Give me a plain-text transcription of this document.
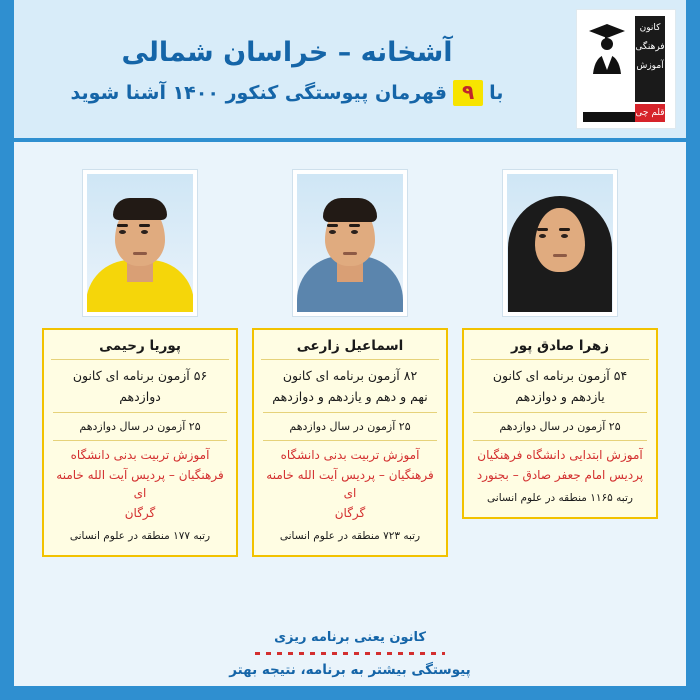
کانون
فرهنگی
آموزش
قلم چی
آشخانه – خراسان شمالی
با
۹
قهرمان پیوستگی کنکور ۱۴۰۰ آشنا شوید
زهرا صادق پور
۵۴ آزمون برنامه ای کانون
یازدهم و دوازدهم
۲۵ آزمون در سال دوازدهم
آموزش ابتدایی دانشگاه فرهنگیان
پردیس امام جعفر صادق – بجنورد
رتبه ۱۱۶۵ منطقه در علوم انسانی
اسماعیل زارعی
۸۲ آزمون برنامه ای کانون
نهم و دهم و یازدهم و دوازدهم
۲۵ آزمون در سال دوازدهم
آموزش تربیت بدنی دانشگاه
فرهنگیان – پردیس آیت الله خامنه ای
گرگان
رتبه ۷۲۳ منطقه در علوم انسانی
پوریا رحیمی
۵۶ آزمون برنامه ای کانون
دوازدهم
۲۵ آزمون در سال دوازدهم
آموزش تربیت بدنی دانشگاه
فرهنگیان – پردیس آیت الله خامنه ای
گرگان
رتبه ۱۷۷ منطقه در علوم انسانی
کانون یعنی برنامه ریزی
پیوستگی بیشتر به برنامه، نتیجه بهتر
